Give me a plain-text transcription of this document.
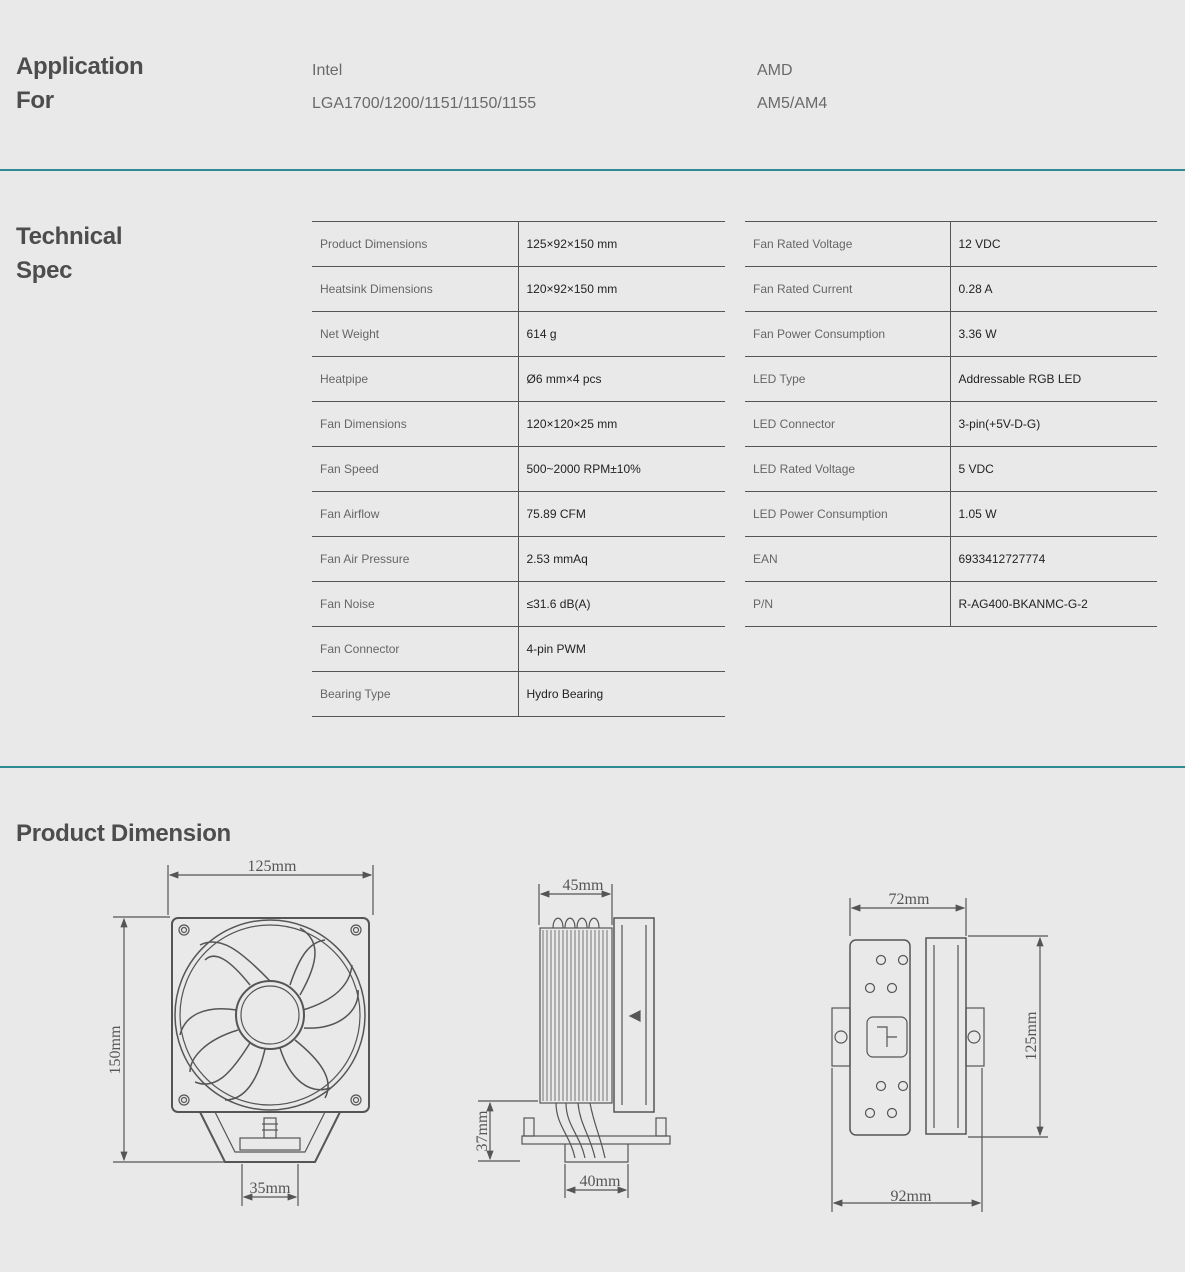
Application
For
Intel
LGA1700/1200/1151/1150/1155
AMD
AM5/AM4
Technical
Spec
Product Dimensions	125×92×150 mm
Heatsink Dimensions	120×92×150 mm
Net Weight	614 g
Heatpipe	Ø6 mm×4 pcs
Fan Dimensions	120×120×25 mm
Fan Speed	500~2000 RPM±10%
Fan Airflow	75.89 CFM
Fan Air Pressure	2.53 mmAq
Fan Noise	≤31.6 dB(A)
Fan Connector	4-pin PWM
Bearing Type	Hydro Bearing
Fan Rated Voltage	12 VDC
Fan Rated Current	0.28 A
Fan Power Consumption	3.36 W
LED Type	Addressable RGB LED
LED Connector	3-pin(+5V-D-G)
LED Rated Voltage	5 VDC
LED Power Consumption	1.05 W
EAN	6933412727774
P/N	R-AG400-BKANMC-G-2
Product Dimension
125mm
150mm
35mm
45mm
37mm
40mm
72mm
125mm
92mm
